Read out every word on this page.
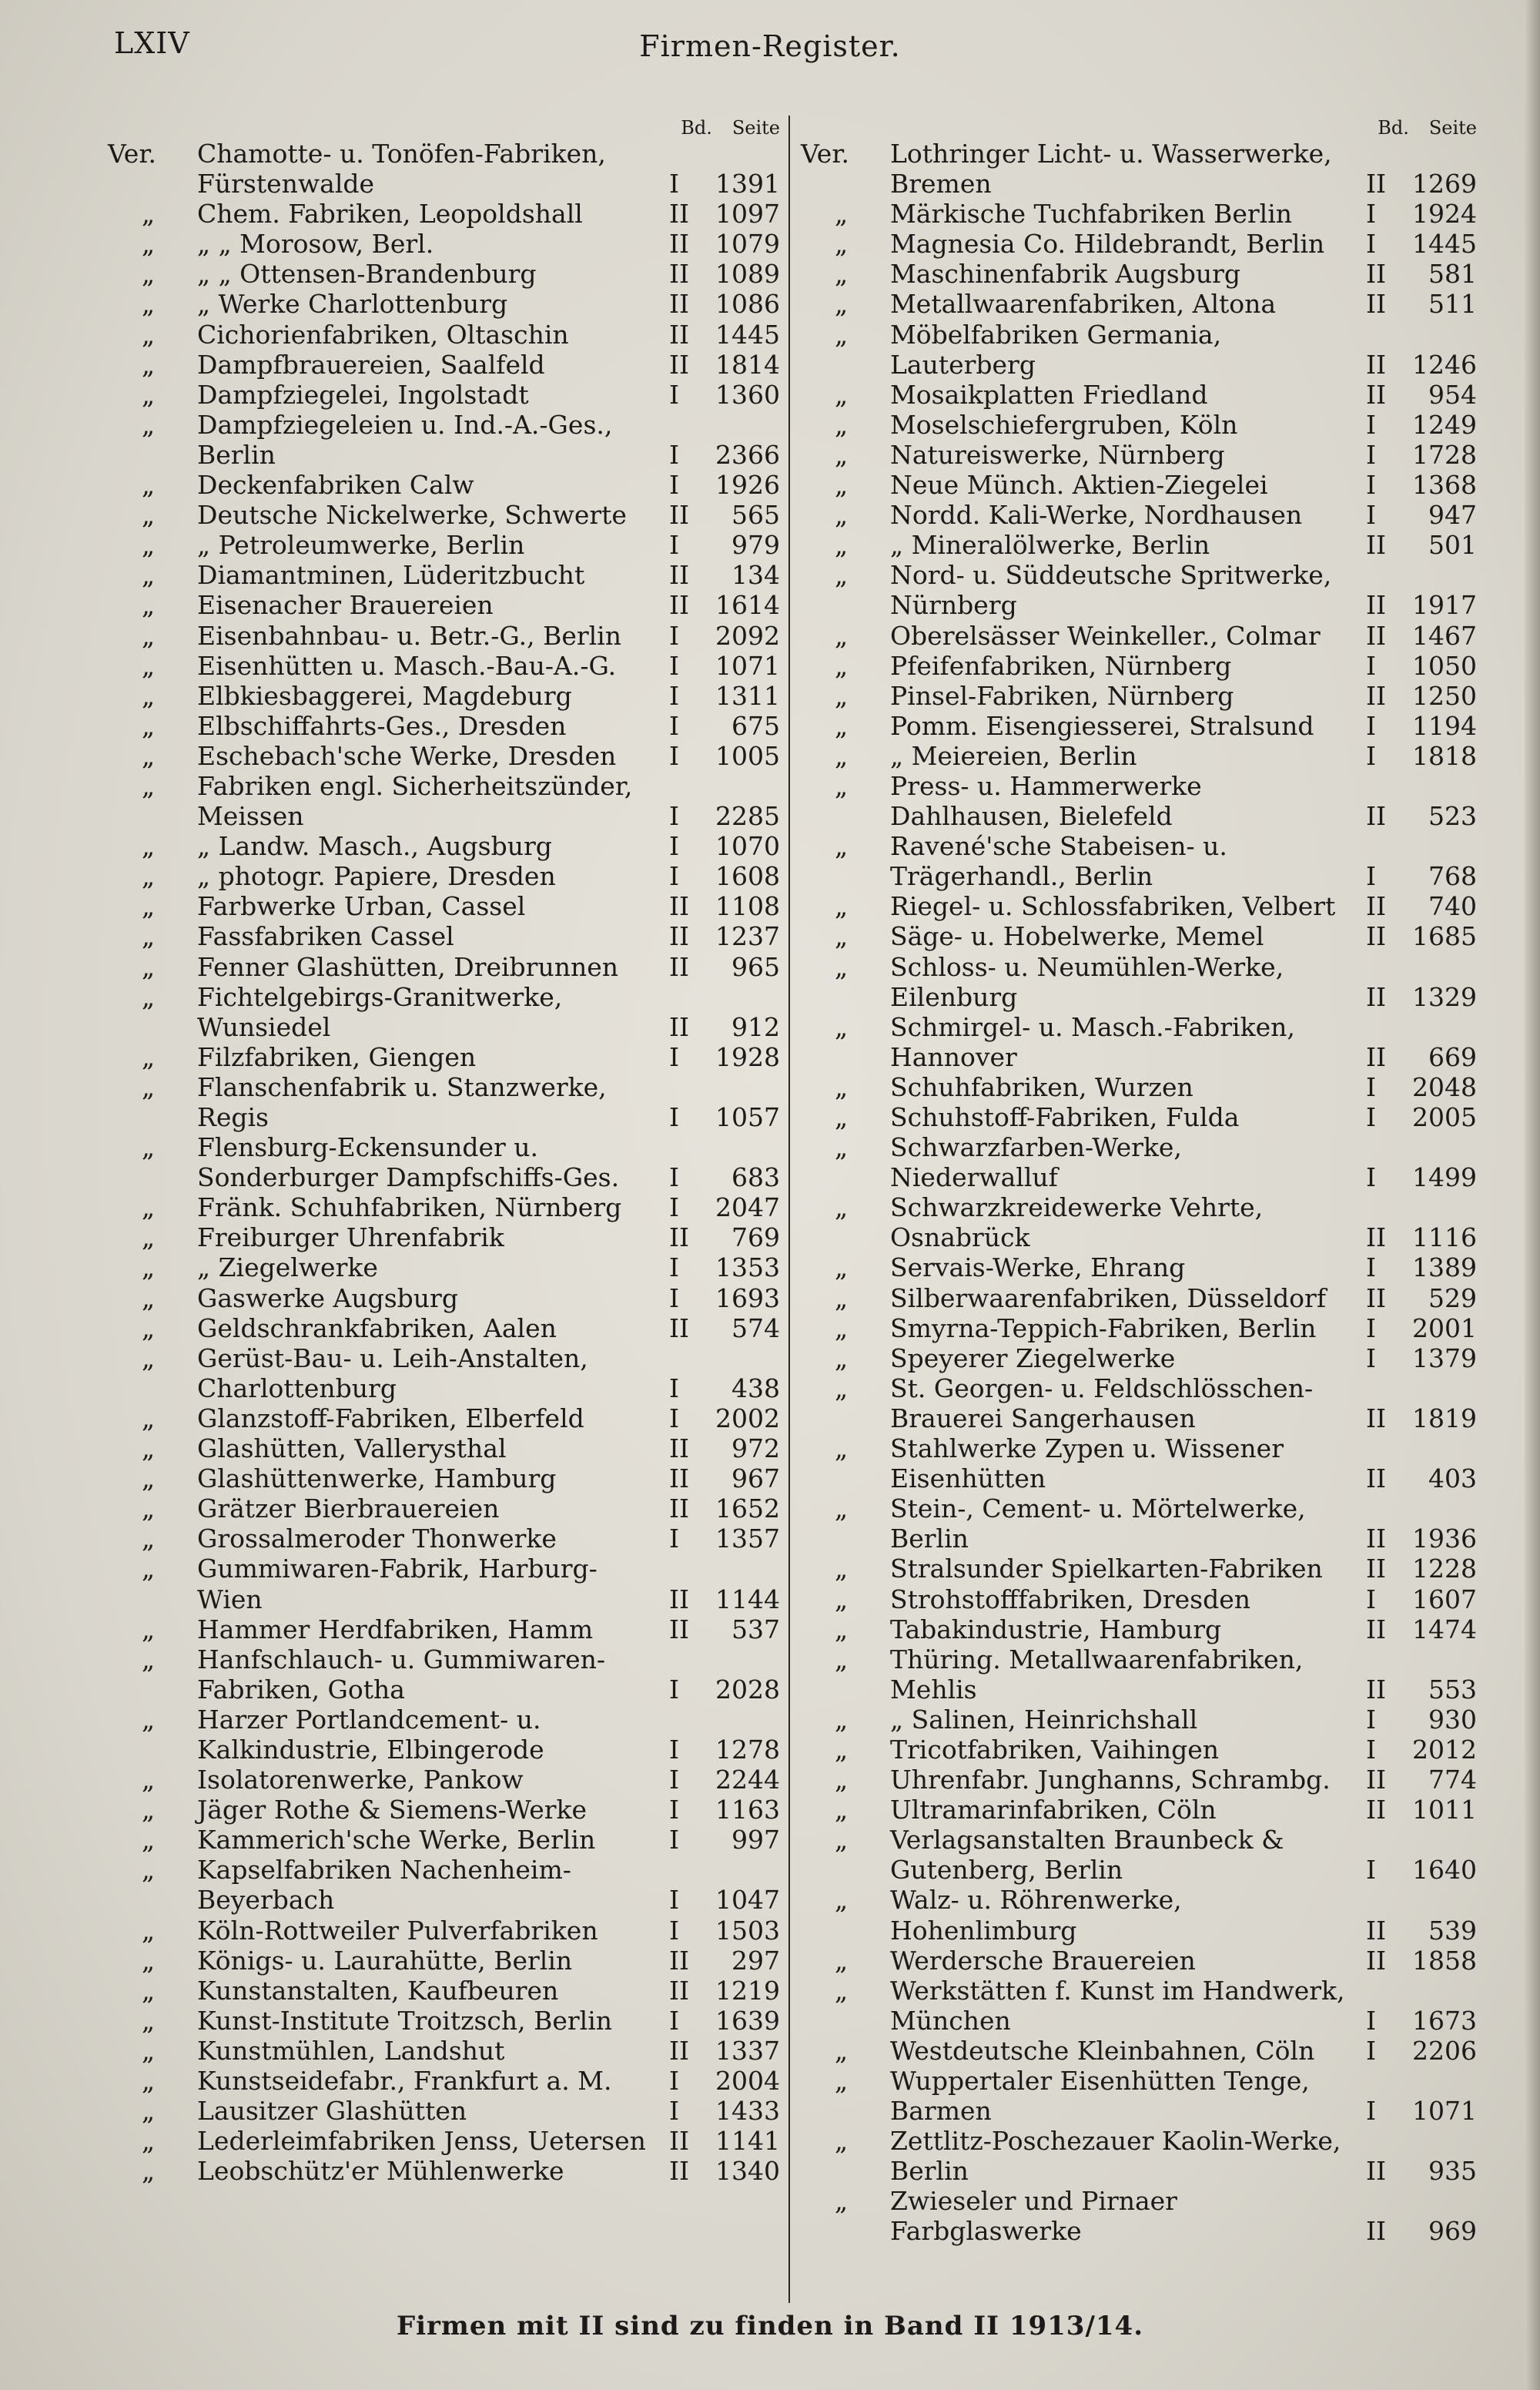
LXIV	Firmen-Register.
Bd. Seite
Ver.	Chamotte- u. Tonöfen-Fabriken, Fürstenwalde	I	1391
„	Chem. Fabriken, Leopoldshall	II	1097
„	„ „ Morosow, Berl.	II	1079
„	„ „ Ottensen-Brandenburg	II	1089
„	„ Werke Charlottenburg	II	1086
„	Cichorienfabriken, Oltaschin	II	1445
„	Dampfbrauereien, Saalfeld	II	1814
„	Dampfziegelei, Ingolstadt	I	1360
„	Dampfziegeleien u. Ind.-A.-Ges., Berlin	I	2366
„	Deckenfabriken Calw	I	1926
„	Deutsche Nickelwerke, Schwerte	II	565
„	„ Petroleumwerke, Berlin	I	979
„	Diamantminen, Lüderitzbucht	II	134
„	Eisenacher Brauereien	II	1614
„	Eisenbahnbau- u. Betr.-G., Berlin	I	2092
„	Eisenhütten u. Masch.-Bau-A.-G.	I	1071
„	Elbkiesbaggerei, Magdeburg	I	1311
„	Elbschiffahrts-Ges., Dresden	I	675
„	Eschebach'sche Werke, Dresden	I	1005
„	Fabriken engl. Sicherheitszünder, Meissen	I	2285
„	„ Landw. Masch., Augsburg	I	1070
„	„ photogr. Papiere, Dresden	I	1608
„	Farbwerke Urban, Cassel	II	1108
„	Fassfabriken Cassel	II	1237
„	Fenner Glashütten, Dreibrunnen	II	965
„	Fichtelgebirgs-Granitwerke, Wunsiedel	II	912
„	Filzfabriken, Giengen	I	1928
„	Flanschenfabrik u. Stanzwerke, Regis	I	1057
„	Flensburg-Eckensunder u. Sonderburger Dampfschiffs-Ges.	I	683
„	Fränk. Schuhfabriken, Nürnberg	I	2047
„	Freiburger Uhrenfabrik	II	769
„	„ Ziegelwerke	I	1353
„	Gaswerke Augsburg	I	1693
„	Geldschrankfabriken, Aalen	II	574
„	Gerüst-Bau- u. Leih-Anstalten, Charlottenburg	I	438
„	Glanzstoff-Fabriken, Elberfeld	I	2002
„	Glashütten, Vallerysthal	II	972
„	Glashüttenwerke, Hamburg	II	967
„	Grätzer Bierbrauereien	II	1652
„	Grossalmeroder Thonwerke	I	1357
„	Gummiwaren-Fabrik, Harburg-Wien	II	1144
„	Hammer Herdfabriken, Hamm	II	537
„	Hanfschlauch- u. Gummiwaren-Fabriken, Gotha	I	2028
„	Harzer Portlandcement- u. Kalkindustrie, Elbingerode	I	1278
„	Isolatorenwerke, Pankow	I	2244
„	Jäger Rothe & Siemens-Werke	I	1163
„	Kammerich'sche Werke, Berlin	I	997
„	Kapselfabriken Nachenheim-Beyerbach	I	1047
„	Köln-Rottweiler Pulverfabriken	I	1503
„	Königs- u. Laurahütte, Berlin	II	297
„	Kunstanstalten, Kaufbeuren	II	1219
„	Kunst-Institute Troitzsch, Berlin	I	1639
„	Kunstmühlen, Landshut	II	1337
„	Kunstseidefabr., Frankfurt a. M.	I	2004
„	Lausitzer Glashütten	I	1433
„	Lederleimfabriken Jenss, Uetersen II	1141
„	Leobschütz'er Mühlenwerke	II	1340
Bd. Seite
Ver.	Lothringer Licht- u. Wasserwerke, Bremen	II	1269
„	Märkische Tuchfabriken Berlin	I	1924
„	Magnesia Co. Hildebrandt, Berlin	I	1445
„	Maschinenfabrik Augsburg	II	581
„	Metallwaarenfabriken, Altona	II	511
„	Möbelfabriken Germania, Lauterberg	II	1246
„	Mosaikplatten Friedland	II	954
„	Moselschiefergruben, Köln	I	1249
„	Natureiswerke, Nürnberg	I	1728
„	Neue Münch. Aktien-Ziegelei	I	1368
„	Nordd. Kali-Werke, Nordhausen	I	947
„	„ Mineralölwerke, Berlin	II	501
„	Nord- u. Süddeutsche Spritwerke, Nürnberg	II	1917
„	Oberelsässer Weinkeller., Colmar	II	1467
„	Pfeifenfabriken, Nürnberg	I	1050
„	Pinsel-Fabriken, Nürnberg	II	1250
„	Pomm. Eisengiesserei, Stralsund	I	1194
„	„ Meiereien, Berlin	I	1818
„	Press- u. Hammerwerke Dahlhausen, Bielefeld	II	523
„	Ravené'sche Stabeisen- u. Trägerhandl., Berlin	I	768
„	Riegel- u. Schlossfabriken, Velbert	II	740
„	Säge- u. Hobelwerke, Memel	II	1685
„	Schloss- u. Neumühlen-Werke, Eilenburg	II	1329
„	Schmirgel- u. Masch.-Fabriken, Hannover	II	669
„	Schuhfabriken, Wurzen	I	2048
„	Schuhstoff-Fabriken, Fulda	I	2005
„	Schwarzfarben-Werke, Niederwalluf	I	1499
„	Schwarzkreidewerke Vehrte, Osnabrück	II	1116
„	Servais-Werke, Ehrang	I	1389
„	Silberwaarenfabriken, Düsseldorf	II	529
„	Smyrna-Teppich-Fabriken, Berlin	I	2001
„	Speyerer Ziegelwerke	I	1379
„	St. Georgen- u. Feldschlösschen-Brauerei Sangerhausen	II	1819
„	Stahlwerke Zypen u. Wissener Eisenhütten	II	403
„	Stein-, Cement- u. Mörtelwerke, Berlin	II	1936
„	Stralsunder Spielkarten-Fabriken	II	1228
„	Strohstofffabriken, Dresden	I	1607
„	Tabakindustrie, Hamburg	II	1474
„	Thüring. Metallwaarenfabriken, Mehlis	II	553
„	„ Salinen, Heinrichshall	I	930
„	Tricotfabriken, Vaihingen	I	2012
„	Uhrenfabr. Junghanns, Schrambg.	II	774
„	Ultramarinfabriken, Cöln	II	1011
„	Verlagsanstalten Braunbeck & Gutenberg, Berlin	I	1640
„	Walz- u. Röhrenwerke, Hohenlimburg	II	539
„	Werdersche Brauereien	II	1858
„	Werkstätten f. Kunst im Handwerk, München	I	1673
„	Westdeutsche Kleinbahnen, Cöln	I	2206
„	Wuppertaler Eisenhütten Tenge, Barmen	I	1071
„	Zettlitz-Poschezauer Kaolin-Werke, Berlin	II	935
„	Zwieseler und Pirnaer Farbglaswerke	II	969
Firmen mit II sind zu finden in Band II 1913/14.
